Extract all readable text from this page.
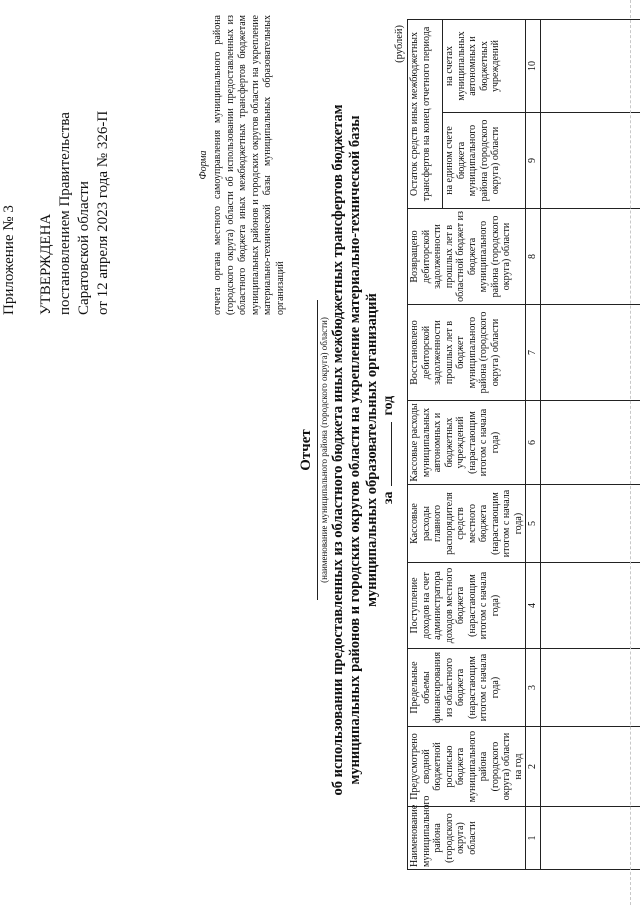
Приложение № 3 УТВЕРЖДЕНА постановлением Правительства Саратовской области от 12 апреля 2023 года № 326-П	Форма отчета органа местного самоуправления муниципального района (городского округа) области об использовании предоставленных из областного бюджета иных межбюджетных трансфертов бюджетам муниципальных районов и городских округов области на укрепление материально-технической базы муниципальных образовательных организаций
Отчет (наименование муниципального района (городского округа) области) об использовании предоставленных из областного бюджета иных межбюджетных трансфертов бюджетам муниципальных районов и городских округов области на укрепление материально-технической базы муниципальных образовательных организаций загод
(рублей)
Наименование муниципального района (городского округа) области	Предусмотрено сводной бюджетной росписью бюджета муниципального района (городского округа) области на год	Предельные объемы финансирования из областного бюджета (нарастающим итогом с начала года)	Поступление доходов на счет администратора доходов местного бюджета (нарастающим итогом с начала года)	Кассовые расходы главного распорядителя средств местного бюджета (нарастающим итогом с начала года)	Кассовые расходы муниципальных автономных и бюджетных учреждений (нарастающим итогом с начала года)	Восстановлено дебиторской задолженности прошлых лет в бюджет муниципального района (городского округа) области	Возвращено дебиторской задолженности прошлых лет в областной бюджет из бюджета муниципального района (городского округа) области	Остаток средств иных межбюджетных трансфертов на конец отчетного периода	
								на едином счете бюджета муниципального района (городского округа) области	на счетах муниципальных автономных и бюджетных учреждений
1	2	3	4	5	6	7	8	9	10
